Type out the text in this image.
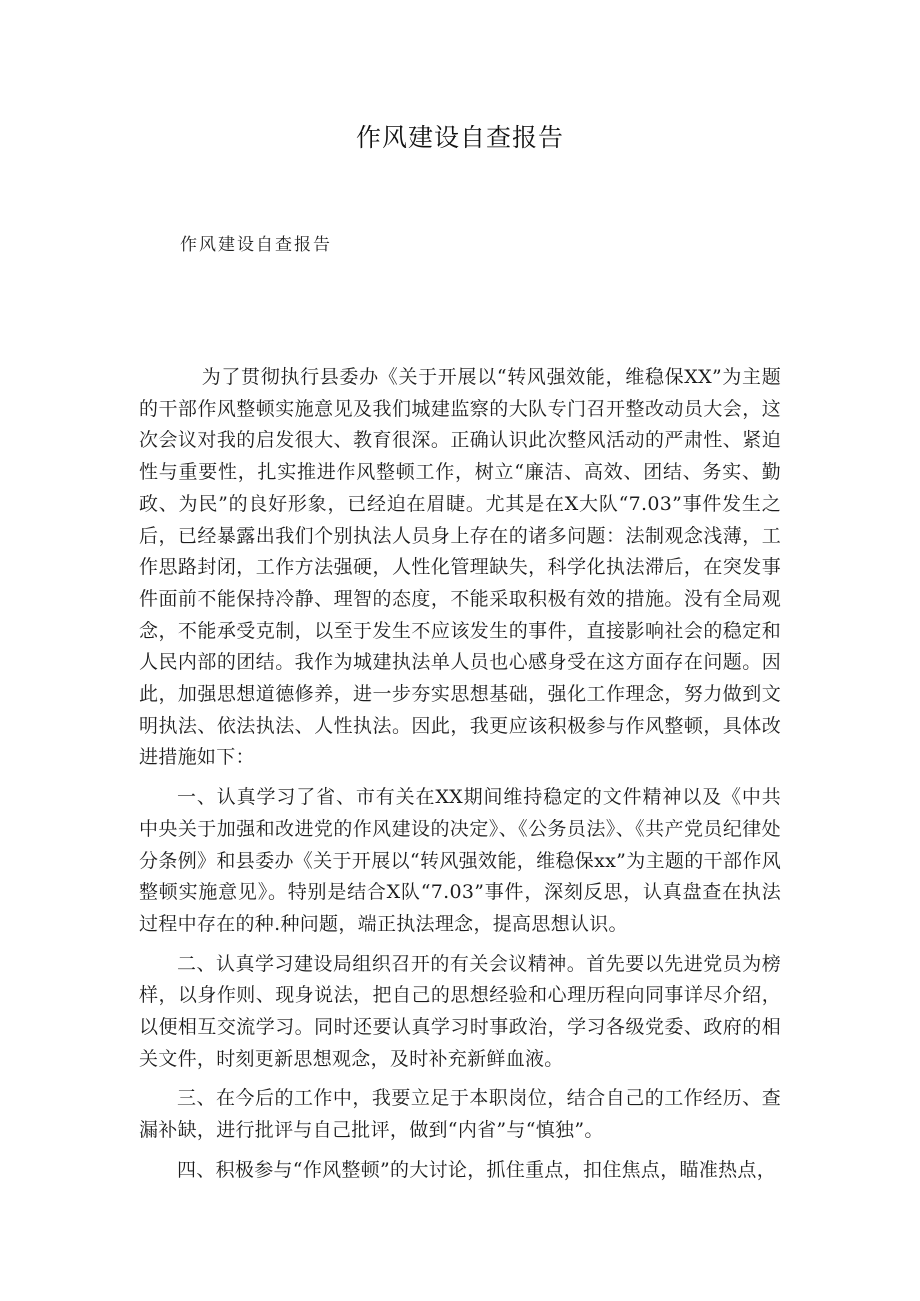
作风建设自查报告
作风建设自查报告

为了贯彻执行县委办《关于开展以“转风强效能，维稳保XX”为主题的干部作风整顿实施意见及我们城建监察的大队专门召开整改动员大会，这次会议对我的启发很大、教育很深。正确认识此次整风活动的严肃性、紧迫性与重要性，扎实推进作风整顿工作，树立“廉洁、高效、团结、务实、勤政、为民”的良好形象，已经迫在眉睫。尤其是在X大队“7.03”事件发生之后，已经暴露出我们个别执法人员身上存在的诸多问题：法制观念浅薄，工作思路封闭，工作方法强硬，人性化管理缺失，科学化执法滞后，在突发事件面前不能保持冷静、理智的态度，不能采取积极有效的措施。没有全局观念，不能承受克制，以至于发生不应该发生的事件，直接影响社会的稳定和人民内部的团结。我作为城建执法单人员也心感身受在这方面存在问题。因此，加强思想道德修养，进一步夯实思想基础，强化工作理念，努力做到文明执法、依法执法、人性执法。因此，我更应该积极参与作风整顿，具体改进措施如下：

一、认真学习了省、市有关在XX期间维持稳定的文件精神以及《中共中央关于加强和改进党的作风建设的决定》、《公务员法》、《共产党员纪律处分条例》和县委办《关于开展以“转风强效能，维稳保xx”为主题的干部作风整顿实施意见》。特别是结合X队“7.03”事件，深刻反思，认真盘查在执法过程中存在的种.种问题，端正执法理念，提高思想认识。

二、认真学习建设局组织召开的有关会议精神。首先要以先进党员为榜样，以身作则、现身说法，把自己的思想经验和心理历程向同事详尽介绍，以便相互交流学习。同时还要认真学习时事政治，学习各级党委、政府的相关文件，时刻更新思想观念，及时补充新鲜血液。

三、在今后的工作中，我要立足于本职岗位，结合自己的工作经历、查漏补缺，进行批评与自己批评，做到“内省”与“慎独”。

四、积极参与“作风整顿”的大讨论，抓住重点，扣住焦点，瞄准热点，
